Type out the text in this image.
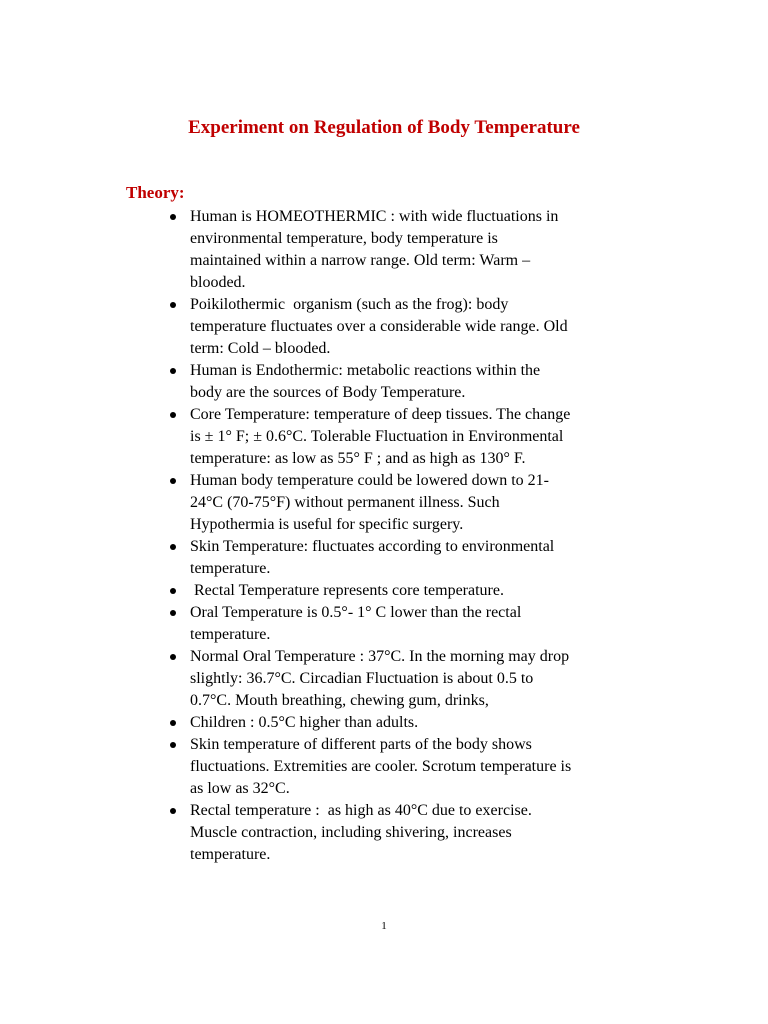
Experiment on Regulation of Body Temperature
Theory:
Human is HOMEOTHERMIC : with wide fluctuations in
environmental temperature, body temperature is
maintained within a narrow range. Old term: Warm –
blooded.
Poikilothermic  organism (such as the frog): body
temperature fluctuates over a considerable wide range. Old
term: Cold – blooded.
Human is Endothermic: metabolic reactions within the
body are the sources of Body Temperature.
Core Temperature: temperature of deep tissues. The change
is ± 1° F; ± 0.6°C. Tolerable Fluctuation in Environmental
temperature: as low as 55° F ; and as high as 130° F.
Human body temperature could be lowered down to 21-
24°C (70-75°F) without permanent illness. Such
Hypothermia is useful for specific surgery.
Skin Temperature: fluctuates according to environmental
temperature.
Rectal Temperature represents core temperature.
Oral Temperature is 0.5°- 1° C lower than the rectal
temperature.
Normal Oral Temperature : 37°C. In the morning may drop
slightly: 36.7°C. Circadian Fluctuation is about 0.5 to
0.7°C. Mouth breathing, chewing gum, drinks,
Children : 0.5°C higher than adults.
Skin temperature of different parts of the body shows
fluctuations. Extremities are cooler. Scrotum temperature is
as low as 32°C.
Rectal temperature :  as high as 40°C due to exercise.
Muscle contraction, including shivering, increases
temperature.

1
